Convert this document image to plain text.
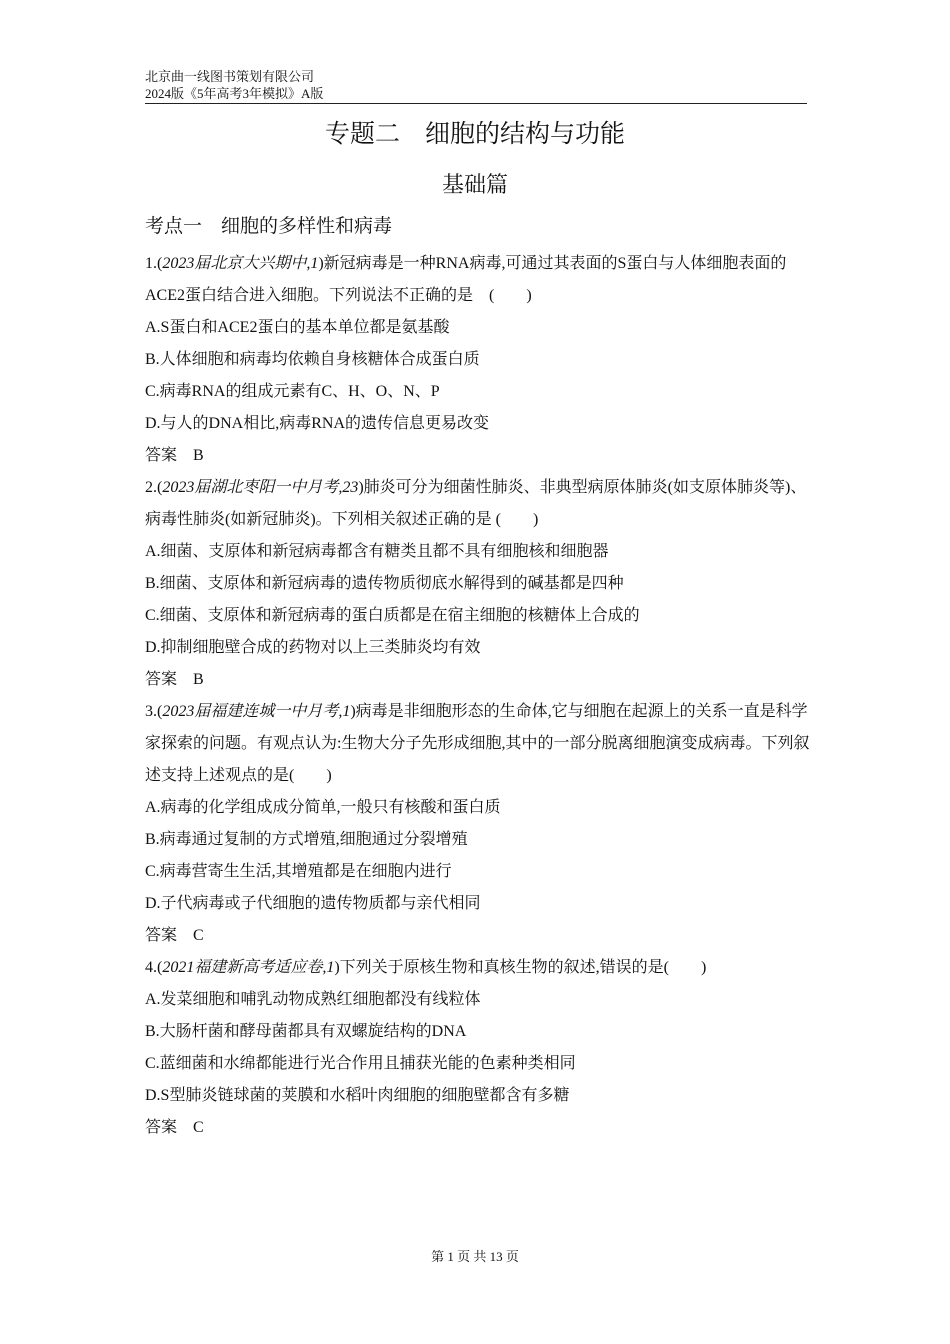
北京曲一线图书策划有限公司
2024版《5年高考3年模拟》A版
专题二　细胞的结构与功能
基础篇
考点一　细胞的多样性和病毒
1.(2023届北京大兴期中,1)新冠病毒是一种RNA病毒,可通过其表面的S蛋白与人体细胞表面的ACE2蛋白结合进入细胞。下列说法不正确的是　(　　)
A.S蛋白和ACE2蛋白的基本单位都是氨基酸
B.人体细胞和病毒均依赖自身核糖体合成蛋白质
C.病毒RNA的组成元素有C、H、O、N、P
D.与人的DNA相比,病毒RNA的遗传信息更易改变
答案　B
2.(2023届湖北枣阳一中月考,23)肺炎可分为细菌性肺炎、非典型病原体肺炎(如支原体肺炎等)、病毒性肺炎(如新冠肺炎)。下列相关叙述正确的是 (　　)
A.细菌、支原体和新冠病毒都含有糖类且都不具有细胞核和细胞器
B.细菌、支原体和新冠病毒的遗传物质彻底水解得到的碱基都是四种
C.细菌、支原体和新冠病毒的蛋白质都是在宿主细胞的核糖体上合成的
D.抑制细胞壁合成的药物对以上三类肺炎均有效
答案　B
3.(2023届福建连城一中月考,1)病毒是非细胞形态的生命体,它与细胞在起源上的关系一直是科学家探索的问题。有观点认为:生物大分子先形成细胞,其中的一部分脱离细胞演变成病毒。下列叙述支持上述观点的是(　　)
A.病毒的化学组成成分简单,一般只有核酸和蛋白质
B.病毒通过复制的方式增殖,细胞通过分裂增殖
C.病毒营寄生生活,其增殖都是在细胞内进行
D.子代病毒或子代细胞的遗传物质都与亲代相同
答案　C
4.(2021福建新高考适应卷,1)下列关于原核生物和真核生物的叙述,错误的是(　　)
A.发菜细胞和哺乳动物成熟红细胞都没有线粒体
B.大肠杆菌和酵母菌都具有双螺旋结构的DNA
C.蓝细菌和水绵都能进行光合作用且捕获光能的色素种类相同
D.S型肺炎链球菌的荚膜和水稻叶肉细胞的细胞壁都含有多糖
答案　C
第 1 页 共 13 页
